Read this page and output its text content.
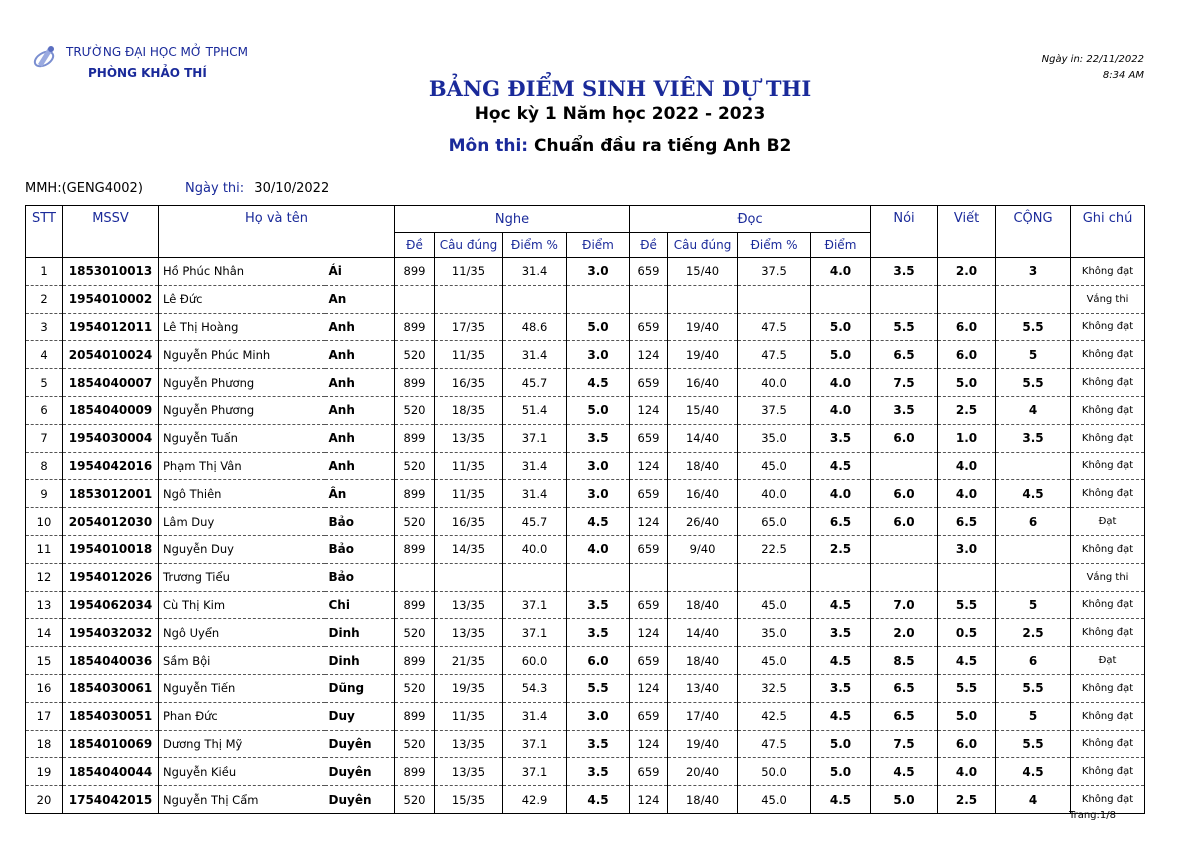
TRƯỜNG ĐẠI HỌC MỞ TPHCM
PHÒNG KHẢO THÍ
Ngày in: 22/11/2022
8:34 AM
BẢNG ĐIỂM SINH VIÊN DỰ THI
Học kỳ 1 Năm học 2022 - 2023
Môn thi: Chuẩn đầu ra tiếng Anh B2
MMH:(GENG4002)	Ngày thi: 30/10/2022
STT	MSSV	Họ và tên		Nghe				Đọc				Nói	Viết	CỘNG	Ghi chú
				Đề	Câu đúng	Điểm %	Điểm	Đề	Câu đúng	Điểm %	Điểm				
1	1853010013	Hồ Phúc Nhân	Ái	899	11/35	31.4	3.0	659	15/40	37.5	4.0	3.5	2.0	3	Không đạt
2	1954010002	Lê Đức	An												Vắng thi
3	1954012011	Lê Thị Hoàng	Anh	899	17/35	48.6	5.0	659	19/40	47.5	5.0	5.5	6.0	5.5	Không đạt
4	2054010024	Nguyễn Phúc Minh	Anh	520	11/35	31.4	3.0	124	19/40	47.5	5.0	6.5	6.0	5	Không đạt
5	1854040007	Nguyễn Phương	Anh	899	16/35	45.7	4.5	659	16/40	40.0	4.0	7.5	5.0	5.5	Không đạt
6	1854040009	Nguyễn Phương	Anh	520	18/35	51.4	5.0	124	15/40	37.5	4.0	3.5	2.5	4	Không đạt
7	1954030004	Nguyễn Tuấn	Anh	899	13/35	37.1	3.5	659	14/40	35.0	3.5	6.0	1.0	3.5	Không đạt
8	1954042016	Phạm Thị Vân	Anh	520	11/35	31.4	3.0	124	18/40	45.0	4.5		4.0		Không đạt
9	1853012001	Ngô Thiên	Ân	899	11/35	31.4	3.0	659	16/40	40.0	4.0	6.0	4.0	4.5	Không đạt
10	2054012030	Lâm Duy	Bảo	520	16/35	45.7	4.5	124	26/40	65.0	6.5	6.0	6.5	6	Đạt
11	1954010018	Nguyễn Duy	Bảo	899	14/35	40.0	4.0	659	9/40	22.5	2.5		3.0		Không đạt
12	1954012026	Trương Tiểu	Bảo												Vắng thi
13	1954062034	Cù Thị Kim	Chi	899	13/35	37.1	3.5	659	18/40	45.0	4.5	7.0	5.5	5	Không đạt
14	1954032032	Ngô Uyển	Dinh	520	13/35	37.1	3.5	124	14/40	35.0	3.5	2.0	0.5	2.5	Không đạt
15	1854040036	Sầm Bội	Dinh	899	21/35	60.0	6.0	659	18/40	45.0	4.5	8.5	4.5	6	Đạt
16	1854030061	Nguyễn Tiến	Dũng	520	19/35	54.3	5.5	124	13/40	32.5	3.5	6.5	5.5	5.5	Không đạt
17	1854030051	Phan Đức	Duy	899	11/35	31.4	3.0	659	17/40	42.5	4.5	6.5	5.0	5	Không đạt
18	1854010069	Dương Thị Mỹ	Duyên	520	13/35	37.1	3.5	124	19/40	47.5	5.0	7.5	6.0	5.5	Không đạt
19	1854040044	Nguyễn Kiều	Duyên	899	13/35	37.1	3.5	659	20/40	50.0	5.0	4.5	4.0	4.5	Không đạt
20	1754042015	Nguyễn Thị Cẩm	Duyên	520	15/35	42.9	4.5	124	18/40	45.0	4.5	5.0	2.5	4	Không đạt
Trang:1/8
